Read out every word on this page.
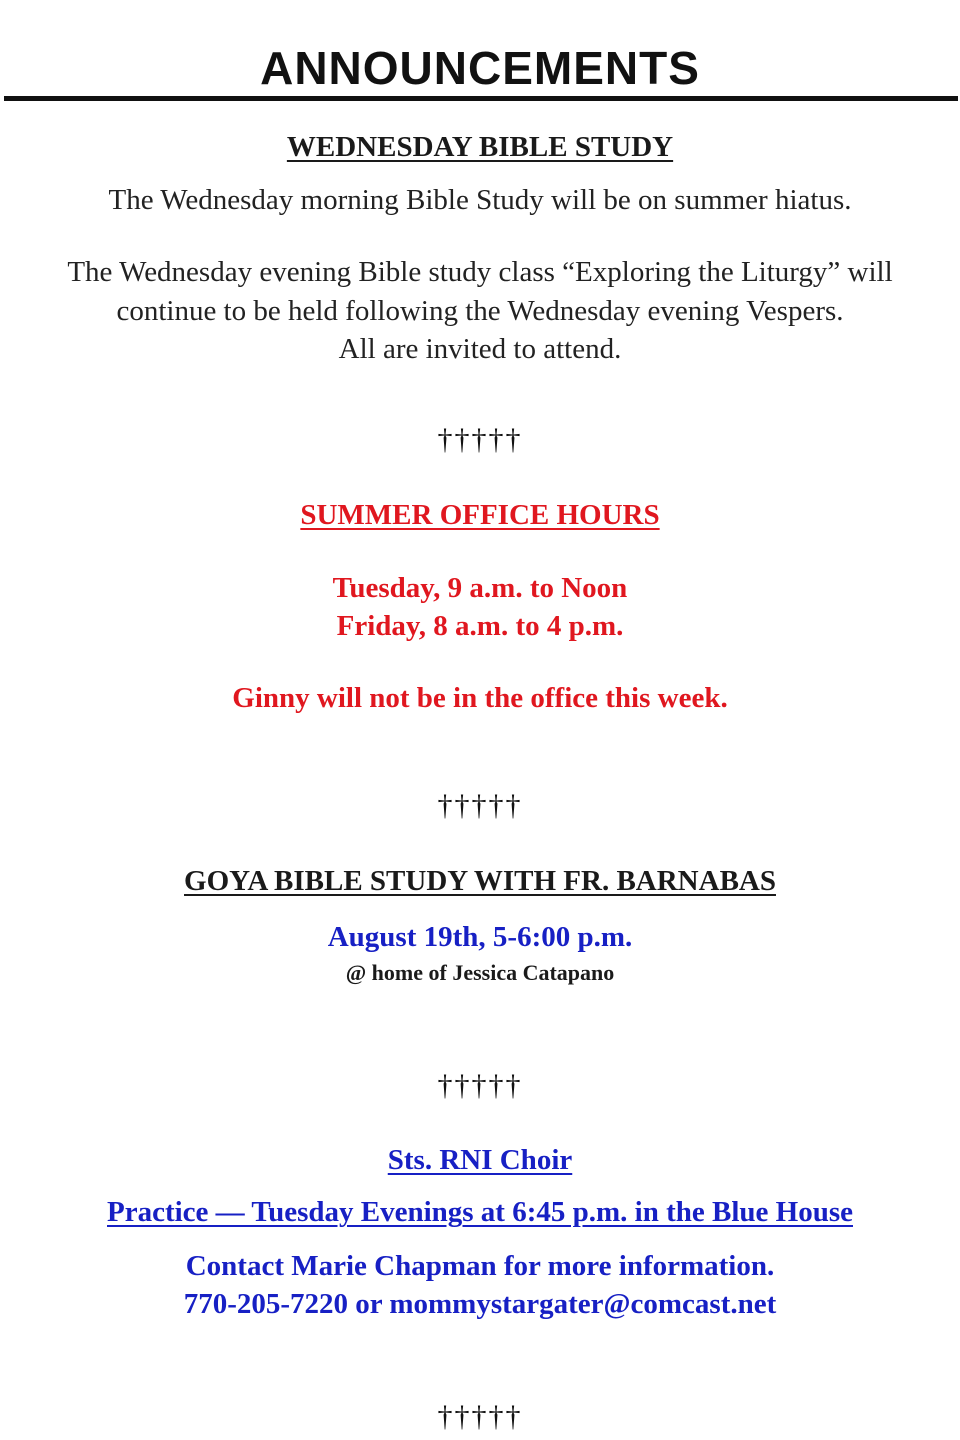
ANNOUNCEMENTS
WEDNESDAY BIBLE STUDY
The Wednesday morning Bible Study will be on summer hiatus.
The Wednesday evening Bible study class “Exploring the Liturgy” will
continue to be held following the Wednesday evening Vespers.
All are invited to attend.
†††††
SUMMER OFFICE HOURS
Tuesday, 9 a.m. to Noon
Friday, 8 a.m. to 4 p.m.
Ginny will not be in the office this week.
†††††
GOYA BIBLE STUDY WITH FR. BARNABAS
August 19th, 5-6:00 p.m.
@ home of Jessica Catapano
†††††
Sts. RNI Choir
Practice — Tuesday Evenings at 6:45 p.m. in the Blue House
Contact Marie Chapman for more information.
770-205-7220 or mommystargater@comcast.net
†††††
